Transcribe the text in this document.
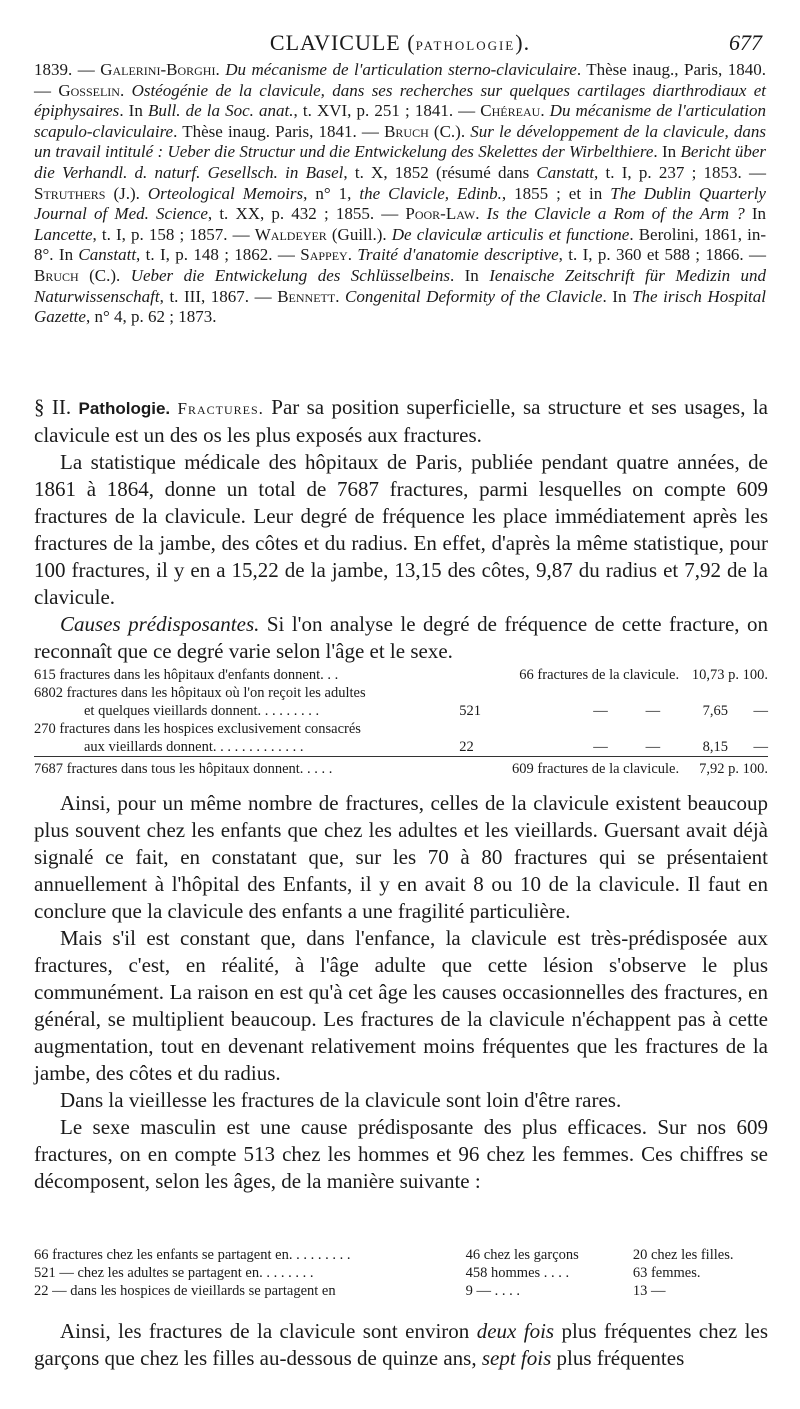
CLAVICULE (PATHOLOGIE).	677
1839. — Galerini-Borghi. Du mécanisme de l'articulation sterno-claviculaire. Thèse inaug., Paris, 1840. — Gosselin. Ostéogénie de la clavicule, dans ses recherches sur quelques cartilages diarthrodiaux et épiphysaires. In Bull. de la Soc. anat., t. XVI, p. 251 ; 1841. — Chéreau. Du mécanisme de l'articulation scapulo-claviculaire. Thèse inaug. Paris, 1841. — Bruch (C.). Sur le développement de la clavicule, dans un travail intitulé : Ueber die Structur und die Entwickelung des Skelettes der Wirbelthiere. In Bericht über die Verhandl. d. naturf. Gesellsch. in Basel, t. X, 1852 (résumé dans Canstatt, t. I, p. 237 ; 1853. — Struthers (J.). Orteological Memoirs, n° 1, the Clavicle, Edinb., 1855 ; et in The Dublin Quarterly Journal of Med. Science, t. XX, p. 432 ; 1855. — Poor-Law. Is the Clavicle a Rom of the Arm ? In Lancette, t. I, p. 158 ; 1857. — Waldeyer (Guill.). De claviculæ articulis et functione. Berolini, 1861, in-8°. In Canstatt, t. I, p. 148 ; 1862. — Sappey. Traité d'anatomie descriptive, t. I, p. 360 et 588 ; 1866. — Bruch (C.). Ueber die Entwickelung des Schlüsselbeins. In Ienaische Zeitschrift für Medizin und Naturwissenschaft, t. III, 1867. — Bennett. Congenital Deformity of the Clavicle. In The irisch Hospital Gazette, n° 4, p. 62 ; 1873.

§ II. Pathologie. Fractures. Par sa position superficielle, sa structure et ses usages, la clavicule est un des os les plus exposés aux fractures.

La statistique médicale des hôpitaux de Paris, publiée pendant quatre années, de 1861 à 1864, donne un total de 7687 fractures, parmi lesquelles on compte 609 fractures de la clavicule. Leur degré de fréquence les place immédiatement après les fractures de la jambe, des côtes et du radius. En effet, d'après la même statistique, pour 100 fractures, il y en a 15,22 de la jambe, 13,15 des côtes, 9,87 du radius et 7,92 de la clavicule.

Causes prédisposantes. Si l'on analyse le degré de fréquence de cette fracture, on reconnaît que ce degré varie selon l'âge et le sexe.

615 fractures dans les hôpitaux d'enfants donnent. . .	66 fractures de la clavicule.			10,73 p. 100.	
6802 fractures dans les hôpitaux où l'on reçoit les adultes					
et quelques vieillards donnent. . . . . . . . .	521	—	—	7,65	—
270 fractures dans les hospices exclusivement consacrés					
aux vieillards donnent. . . . . . . . . . . . .	22	—	—	8,15	—
7687 fractures dans tous les hôpitaux donnent. . . . .	609 fractures de la clavicule.			7,92 p. 100.	

Ainsi, pour un même nombre de fractures, celles de la clavicule existent beaucoup plus souvent chez les enfants que chez les adultes et les vieillards. Guersant avait déjà signalé ce fait, en constatant que, sur les 70 à 80 fractures qui se présentaient annuellement à l'hôpital des Enfants, il y en avait 8 ou 10 de la clavicule. Il faut en conclure que la clavicule des enfants a une fragilité particulière.

Mais s'il est constant que, dans l'enfance, la clavicule est très-prédisposée aux fractures, c'est, en réalité, à l'âge adulte que cette lésion s'observe le plus communément. La raison en est qu'à cet âge les causes occasionnelles des fractures, en général, se multiplient beaucoup. Les fractures de la clavicule n'échappent pas à cette augmentation, tout en devenant relativement moins fréquentes que les fractures de la jambe, des côtes et du radius.

Dans la vieillesse les fractures de la clavicule sont loin d'être rares.

Le sexe masculin est une cause prédisposante des plus efficaces. Sur nos 609 fractures, on en compte 513 chez les hommes et 96 chez les femmes. Ces chiffres se décomposent, selon les âges, de la manière suivante :

66 fractures chez les enfants se partagent en. . . . . . . . .	46 chez les garçons	20 chez les filles.
521 — chez les adultes se partagent en. . . . . . . .	458 hommes . . . .	63 femmes.
22 — dans les hospices de vieillards se partagent en	9 — . . . .	13 —

Ainsi, les fractures de la clavicule sont environ deux fois plus fréquentes chez les garçons que chez les filles au-dessous de quinze ans, sept fois plus fréquentes
